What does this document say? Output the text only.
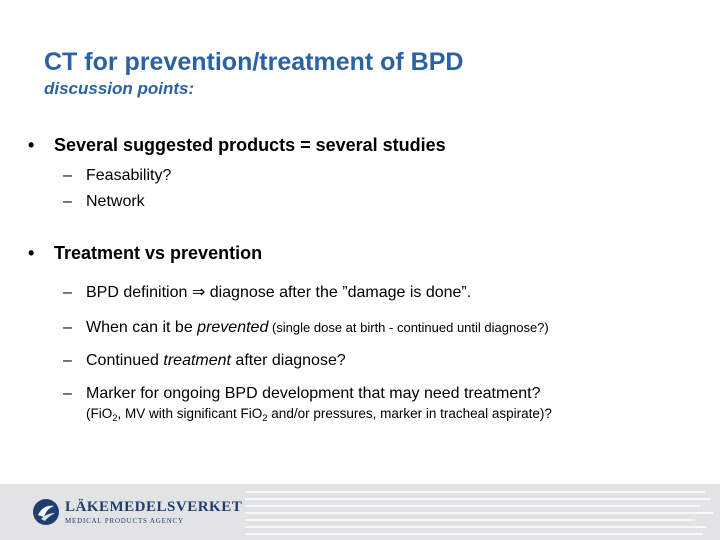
CT for prevention/treatment of BPD
discussion points:
• Several suggested products = several studies
– Feasability?
– Network
• Treatment vs prevention
– BPD definition ⇒ diagnose after the ”damage is done”.
– When can it be prevented (single dose at birth - continued until diagnose?)
– Continued treatment after diagnose?
– Marker for ongoing BPD development that may need treatment?
(FiO$_2$, MV with significant FiO$_2$ and/or pressures, marker in tracheal aspirate)?
LÄKEMEDELSVERKET
MEDICAL PRODUCTS AGENCY
